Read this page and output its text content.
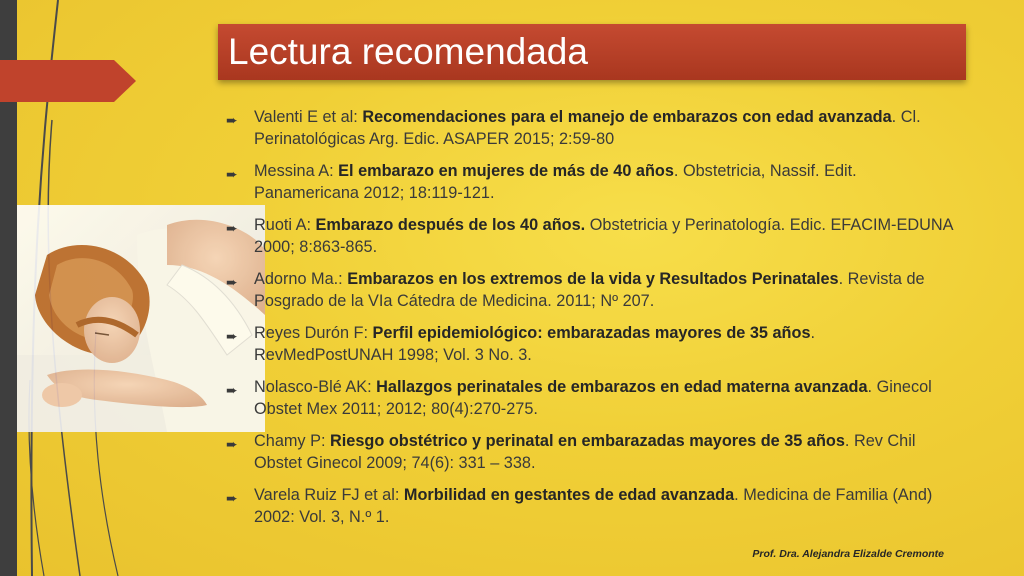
Lectura recomendada
➨ Valenti E et al: Recomendaciones para el manejo de embarazos con edad avanzada. Cl. Perinatológicas Arg. Edic. ASAPER 2015; 2:59-80
➨ Messina A: El embarazo en mujeres de más de 40 años. Obstetricia, Nassif. Edit. Panamericana 2012; 18:119-121.
➨ Ruoti A: Embarazo después de los 40 años. Obstetricia y Perinatología. Edic. EFACIM-EDUNA 2000; 8:863-865.
➨ Adorno Ma.: Embarazos en los extremos de la vida y Resultados Perinatales. Revista de Posgrado de la VIa Cátedra de Medicina. 2011; Nº 207.
➨ Reyes Durón F: Perfil epidemiológico: embarazadas mayores de 35 años. RevMedPostUNAH 1998; Vol. 3 No. 3.
➨ Nolasco-Blé AK: Hallazgos perinatales de embarazos en edad materna avanzada. Ginecol Obstet Mex 2011; 2012; 80(4):270-275.
➨ Chamy P: Riesgo obstétrico y perinatal en embarazadas mayores de 35 años. Rev Chil Obstet Ginecol 2009; 74(6): 331 – 338.
➨ Varela Ruiz FJ et al: Morbilidad en gestantes de edad avanzada. Medicina de Familia (And) 2002: Vol. 3, N.º 1.
Prof. Dra. Alejandra Elizalde Cremonte
